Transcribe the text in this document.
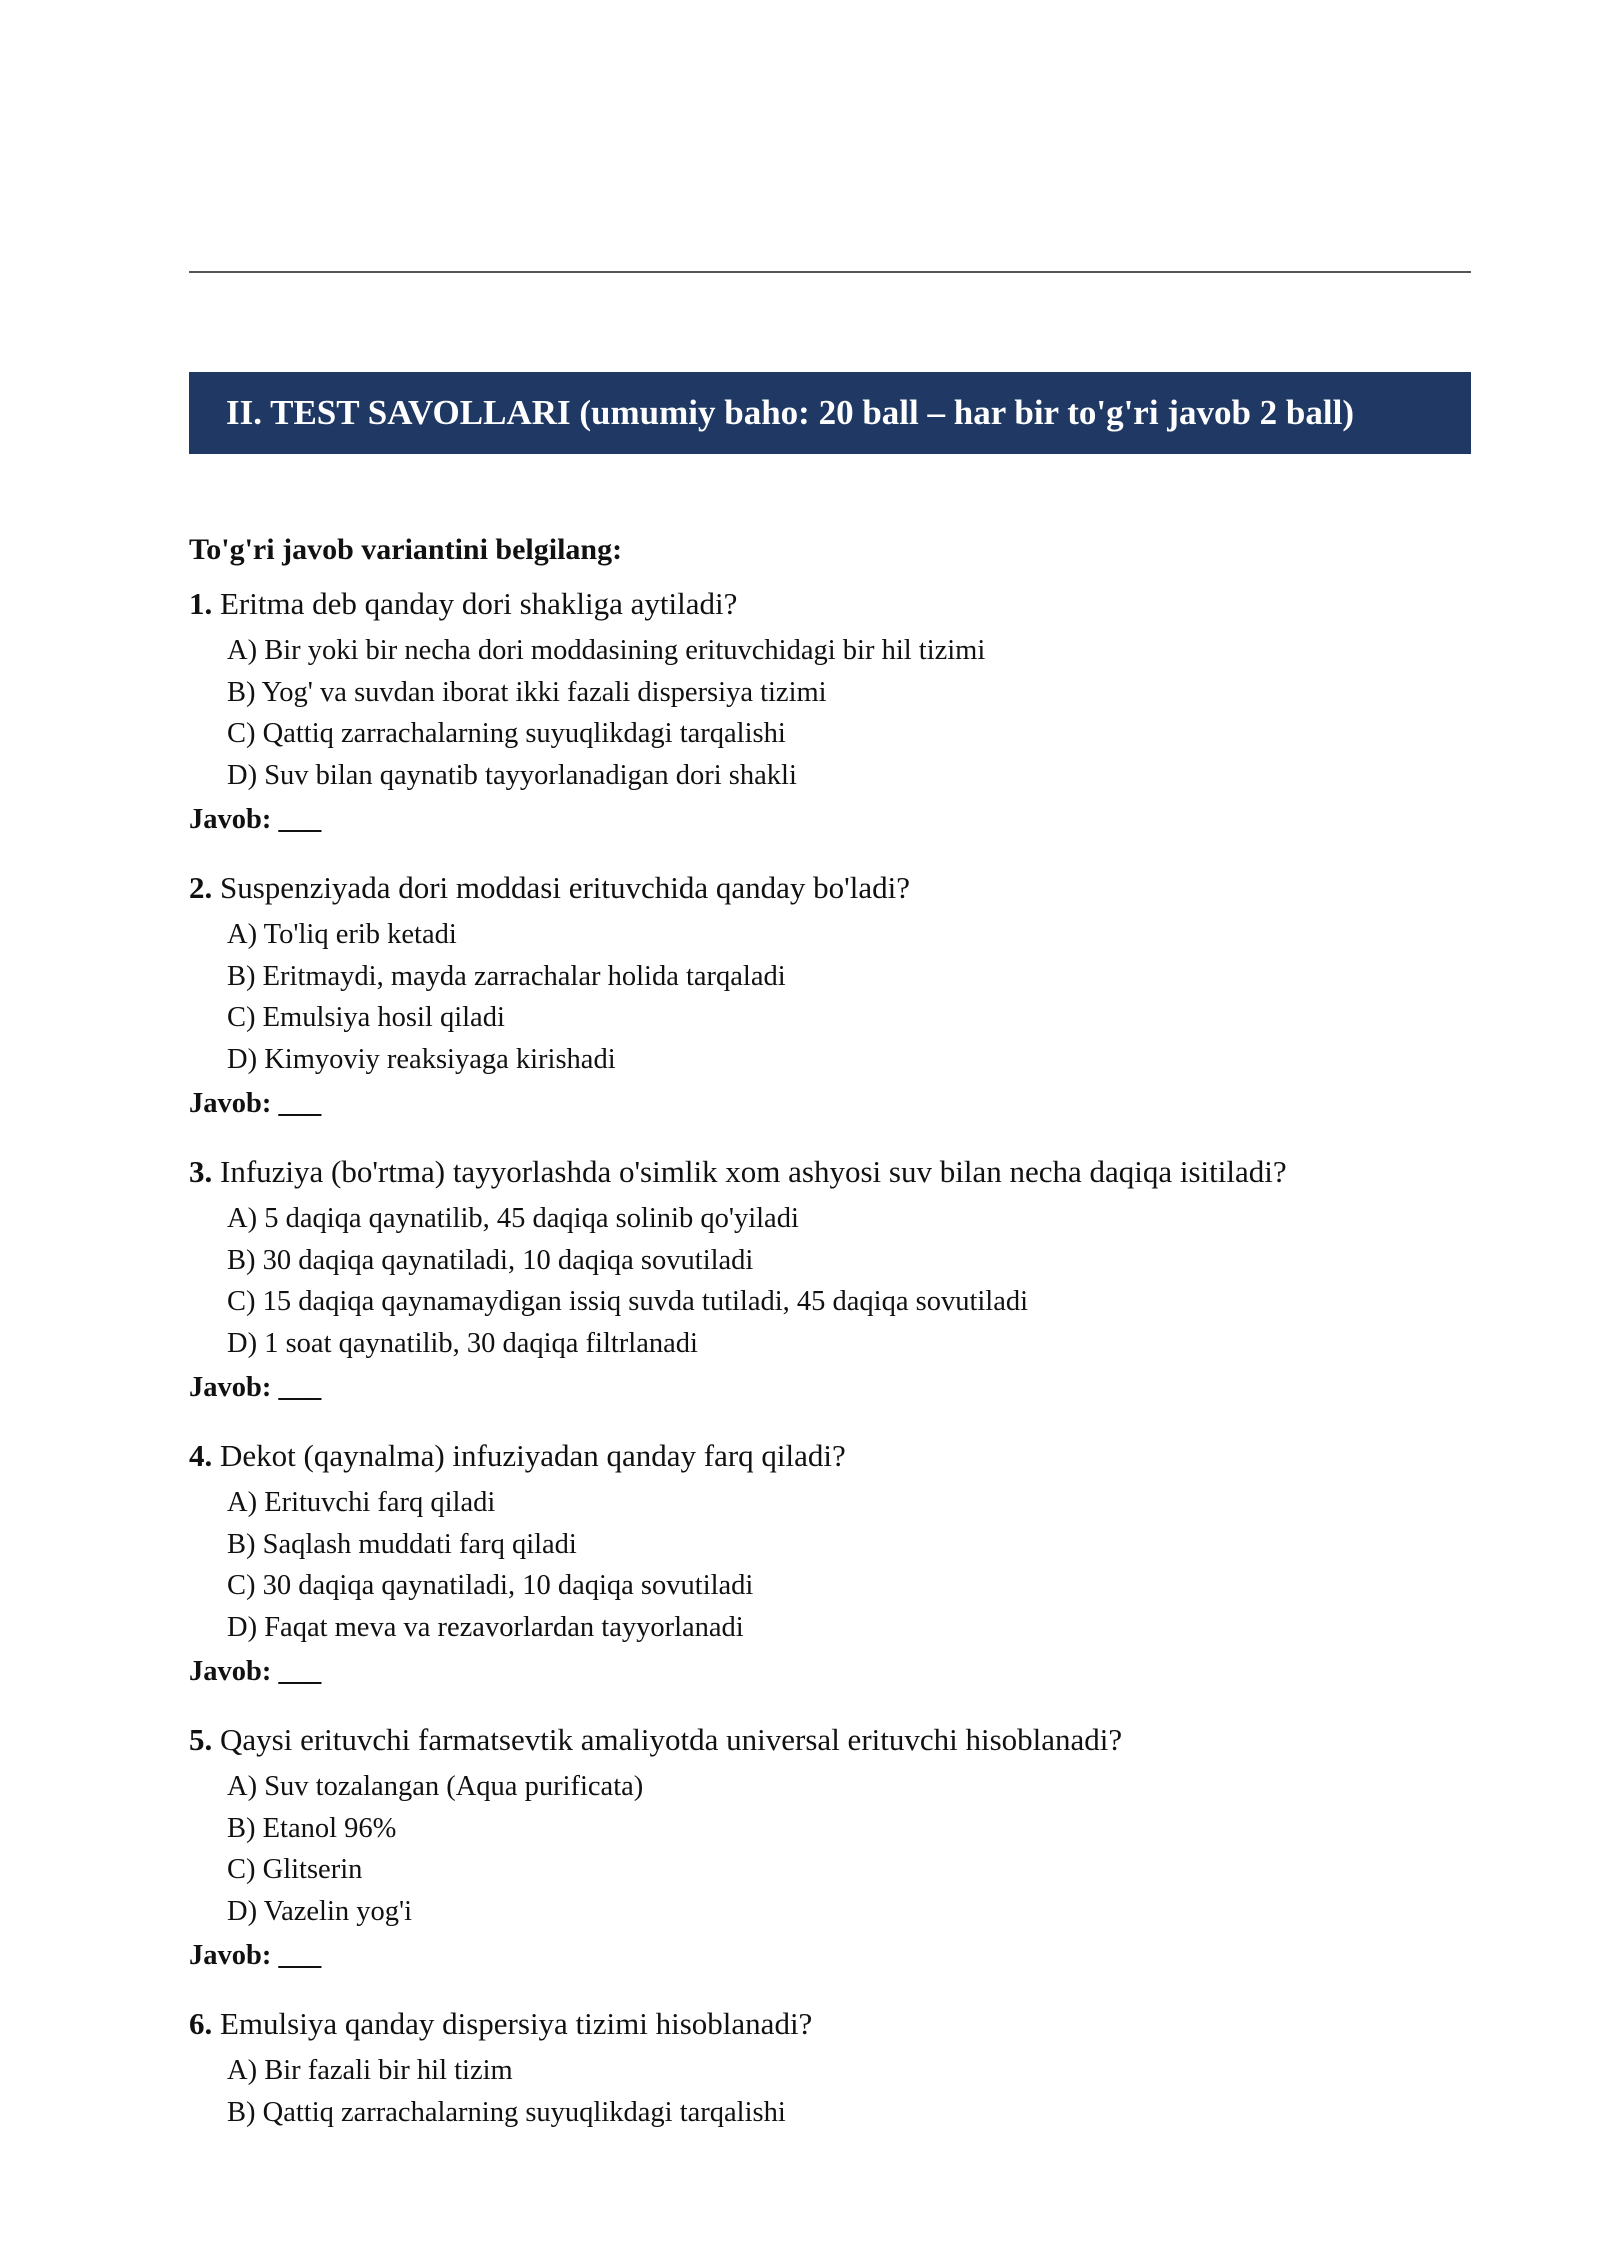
II. TEST SAVOLLARI (umumiy baho: 20 ball – har bir to'g'ri javob 2 ball)

To'g'ri javob variantini belgilang:

1. Eritma deb qanday dori shakliga aytiladi?

A) Bir yoki bir necha dori moddasining erituvchidagi bir hil tizimi

B) Yog' va suvdan iborat ikki fazali dispersiya tizimi

C) Qattiq zarrachalarning suyuqlikdagi tarqalishi

D) Suv bilan qaynatib tayyorlanadigan dori shakli

Javob: ___

2. Suspenziyada dori moddasi erituvchida qanday bo'ladi?

A) To'liq erib ketadi

B) Eritmaydi, mayda zarrachalar holida tarqaladi

C) Emulsiya hosil qiladi

D) Kimyoviy reaksiyaga kirishadi

Javob: ___

3. Infuziya (bo'rtma) tayyorlashda o'simlik xom ashyosi suv bilan necha daqiqa isitiladi?

A) 5 daqiqa qaynatilib, 45 daqiqa solinib qo'yiladi

B) 30 daqiqa qaynatiladi, 10 daqiqa sovutiladi

C) 15 daqiqa qaynamaydigan issiq suvda tutiladi, 45 daqiqa sovutiladi

D) 1 soat qaynatilib, 30 daqiqa filtrlanadi

Javob: ___

4. Dekot (qaynalma) infuziyadan qanday farq qiladi?

A) Erituvchi farq qiladi

B) Saqlash muddati farq qiladi

C) 30 daqiqa qaynatiladi, 10 daqiqa sovutiladi

D) Faqat meva va rezavorlardan tayyorlanadi

Javob: ___

5. Qaysi erituvchi farmatsevtik amaliyotda universal erituvchi hisoblanadi?

A) Suv tozalangan (Aqua purificata)

B) Etanol 96%

C) Glitserin

D) Vazelin yog'i

Javob: ___

6. Emulsiya qanday dispersiya tizimi hisoblanadi?

A) Bir fazali bir hil tizim

B) Qattiq zarrachalarning suyuqlikdagi tarqalishi
